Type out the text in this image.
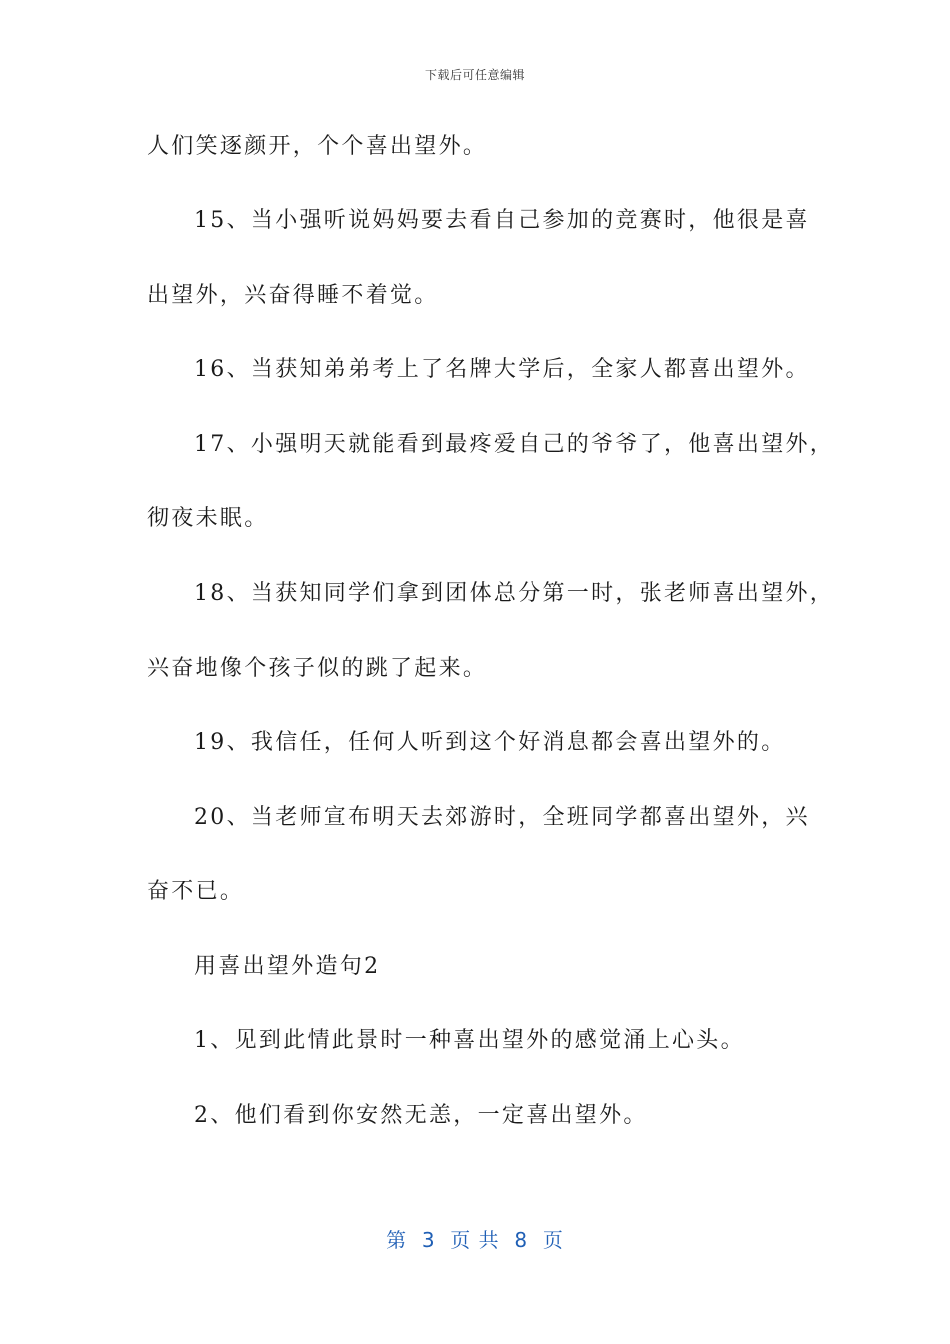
下载后可任意编辑
人们笑逐颜开，个个喜出望外。
15、当小强听说妈妈要去看自己参加的竞赛时，他很是喜
出望外，兴奋得睡不着觉。
16、当获知弟弟考上了名牌大学后，全家人都喜出望外。
17、小强明天就能看到最疼爱自己的爷爷了，他喜出望外，
彻夜未眠。
18、当获知同学们拿到团体总分第一时，张老师喜出望外，
兴奋地像个孩子似的跳了起来。
19、我信任，任何人听到这个好消息都会喜出望外的。
20、当老师宣布明天去郊游时，全班同学都喜出望外，兴
奋不已。
用喜出望外造句2
1、见到此情此景时一种喜出望外的感觉涌上心头。
2、他们看到你安然无恙，一定喜出望外。
第  3  页 共  8  页
